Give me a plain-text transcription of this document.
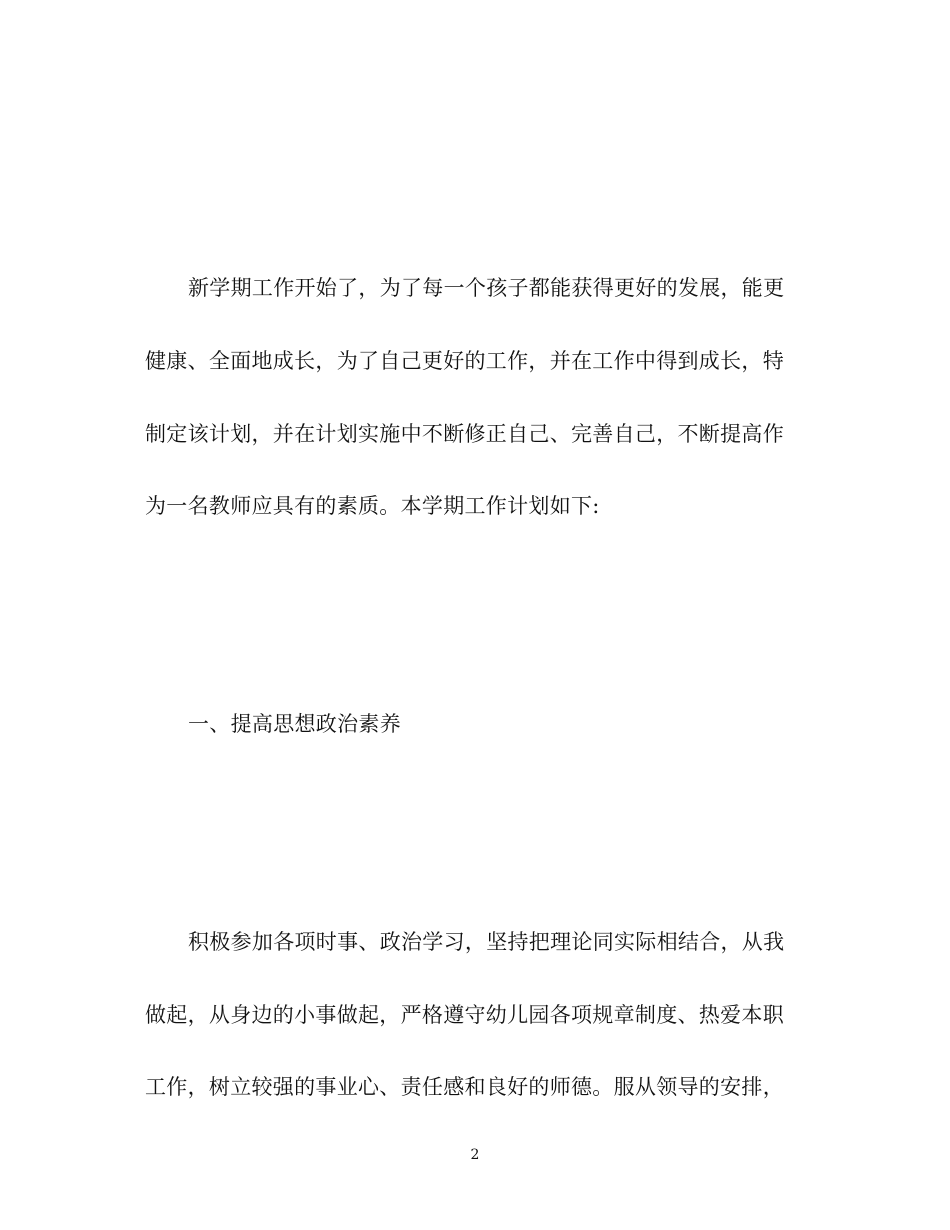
新学期工作开始了，为了每一个孩子都能获得更好的发展，能更
健康、全面地成长，为了自己更好的工作，并在工作中得到成长，特
制定该计划，并在计划实施中不断修正自己、完善自己，不断提高作
为一名教师应具有的素质。本学期工作计划如下:
一、提高思想政治素养
积极参加各项时事、政治学习，坚持把理论同实际相结合，从我
做起，从身边的小事做起，严格遵守幼儿园各项规章制度、热爱本职
工作，树立较强的事业心、责任感和良好的师德。服从领导的安排，
2
